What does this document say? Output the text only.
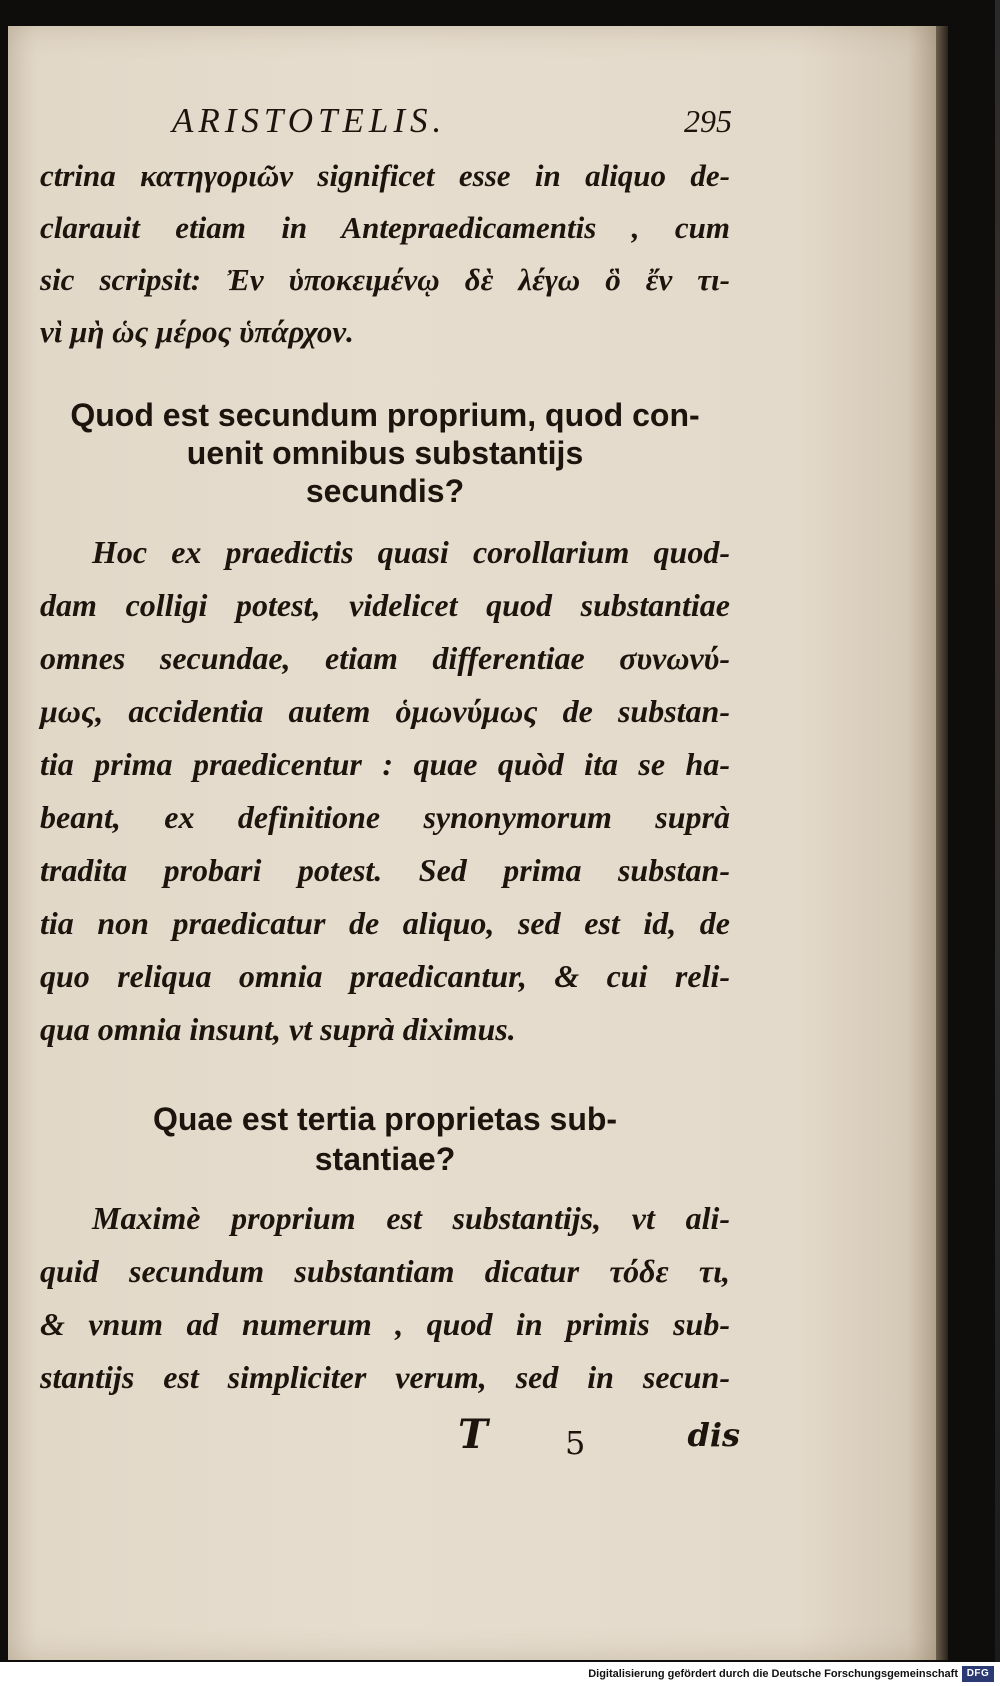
ARISTOTELIS.	295
ctrina κατηγοριῶν significet esse in aliquo de-
clarauit etiam in Antepraedicamentis , cum
sic scripsit: Ἐν ὑποκειμένῳ δὲ λέγω ὃ ἔν τι-
νὶ μὴ ὡς μέρος ὑπάρχον.
Quod est secundum proprium, quod con-
uenit omnibus substantijs
secundis?
Hoc ex praedictis quasi corollarium quod-
dam colligi potest, videlicet quod substantiae
omnes secundae, etiam differentiae συνωνύ-
μως, accidentia autem ὁμωνύμως de substan-
tia prima praedicentur : quae quòd ita se ha-
beant, ex definitione synonymorum suprà
tradita probari potest. Sed prima substan-
tia non praedicatur de aliquo, sed est id, de
quo reliqua omnia praedicantur, & cui reli-
qua omnia insunt, vt suprà diximus.
Quae est tertia proprietas sub-
stantiae?
Maximè proprium est substantijs, vt ali-
quid secundum substantiam dicatur τόδε τι,
& vnum ad numerum , quod in primis sub-
stantijs est simpliciter verum, sed in secun-
T 5	dis
Digitalisierung gefördert durch die Deutsche Forschungsgemeinschaft DFG
